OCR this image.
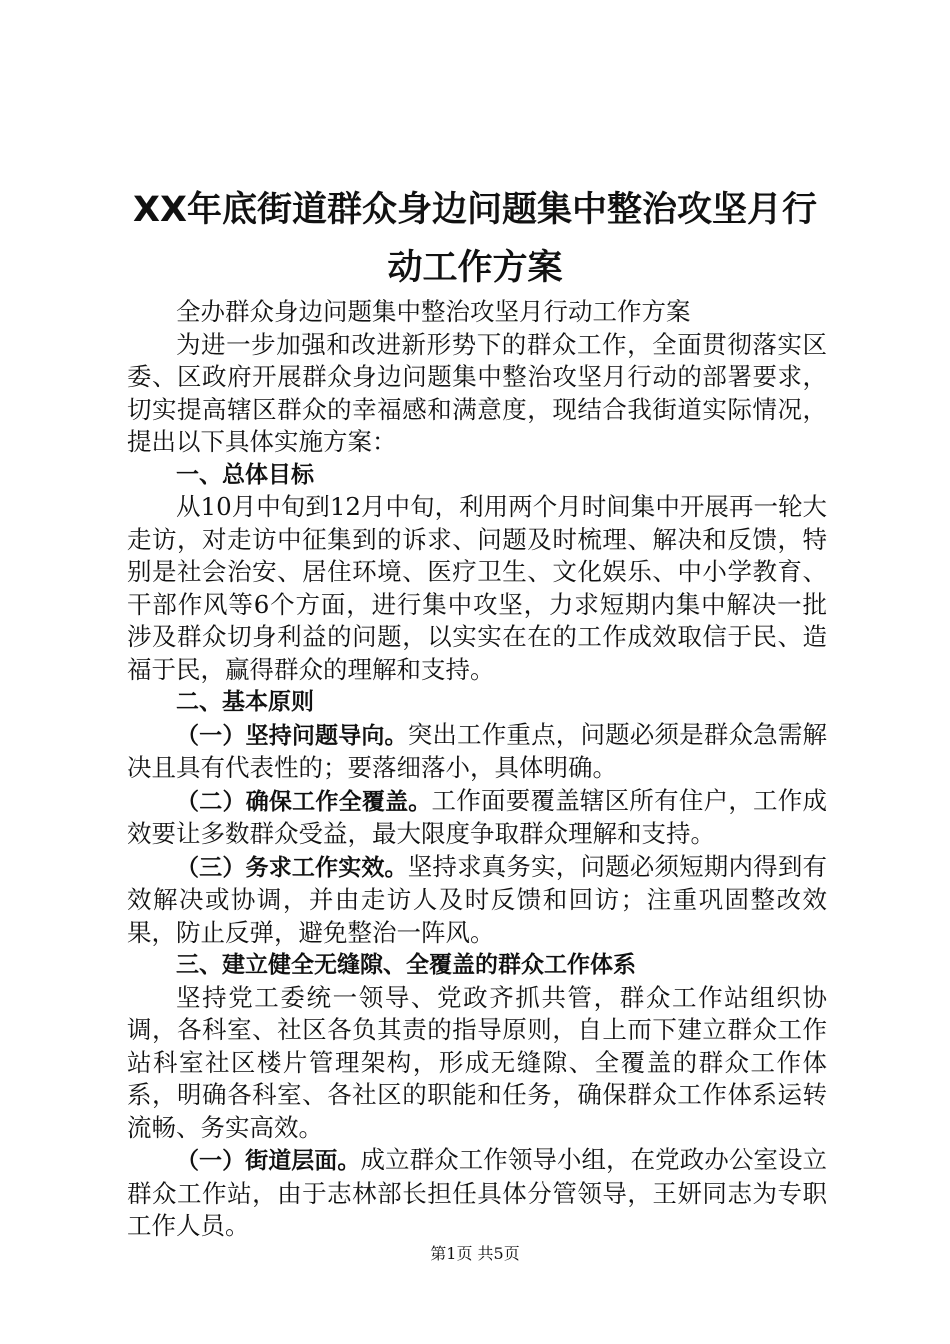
XX年底街道群众身边问题集中整治攻坚月行
动工作方案

全办群众身边问题集中整治攻坚月行动工作方案

为进一步加强和改进新形势下的群众工作，全面贯彻落实区委、区政府开展群众身边问题集中整治攻坚月行动的部署要求，切实提高辖区群众的幸福感和满意度，现结合我街道实际情况，提出以下具体实施方案：

一、总体目标

从10月中旬到12月中旬，利用两个月时间集中开展再一轮大走访，对走访中征集到的诉求、问题及时梳理、解决和反馈，特别是社会治安、居住环境、医疗卫生、文化娱乐、中小学教育、干部作风等6个方面，进行集中攻坚，力求短期内集中解决一批涉及群众切身利益的问题，以实实在在的工作成效取信于民、造福于民，赢得群众的理解和支持。

二、基本原则

（一）坚持问题导向。突出工作重点，问题必须是群众急需解决且具有代表性的；要落细落小，具体明确。

（二）确保工作全覆盖。工作面要覆盖辖区所有住户，工作成效要让多数群众受益，最大限度争取群众理解和支持。

（三）务求工作实效。坚持求真务实，问题必须短期内得到有效解决或协调，并由走访人及时反馈和回访；注重巩固整改效果，防止反弹，避免整治一阵风。

三、建立健全无缝隙、全覆盖的群众工作体系

坚持党工委统一领导、党政齐抓共管，群众工作站组织协调，各科室、社区各负其责的指导原则，自上而下建立群众工作站科室社区楼片管理架构，形成无缝隙、全覆盖的群众工作体系，明确各科室、各社区的职能和任务，确保群众工作体系运转流畅、务实高效。

（一）街道层面。成立群众工作领导小组，在党政办公室设立群众工作站，由于志林部长担任具体分管领导，王妍同志为专职工作人员。

第1页 共5页
